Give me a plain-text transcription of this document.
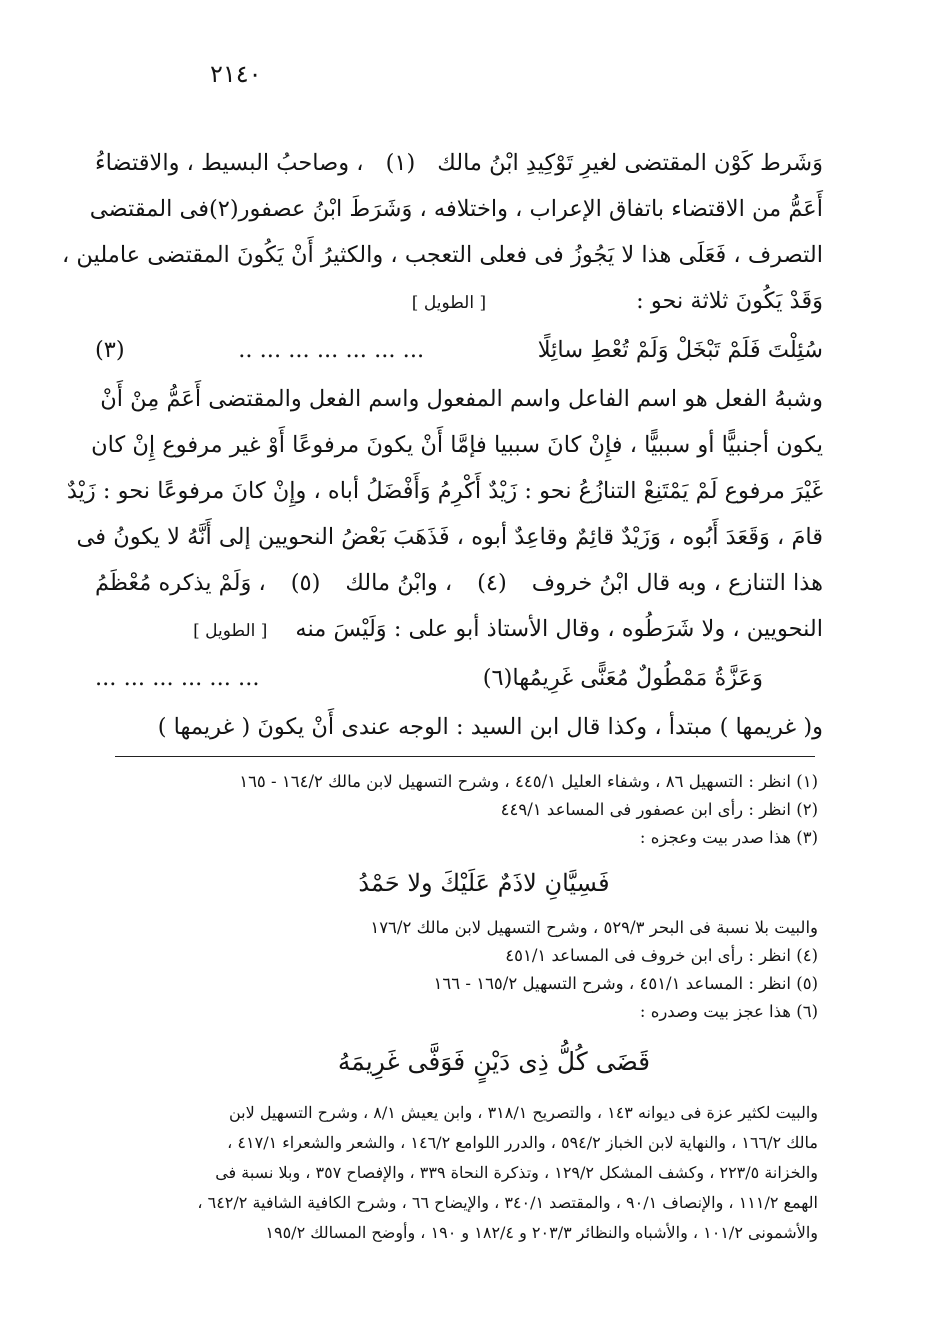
٢١٤٠
وَشَرط كَوْن المقتضى لغيرِ تَوْكِيدِ ابْنُ مالك
(١)
، وصاحبُ البسيط ، والاقتضاءُ
أَعَمُّ من الاقتضاء باتفاق الإعراب ، واختلافه ، وَشَرَطَ ابْنُ عصفور
(٢)
فى المقتضى
التصرف ، فَعَلَى هذا لا يَجُوزُ فى فعلى التعجب ، والكثيرُ أَنْ يَكُونَ المقتضى عاملين ،
وَقَدْ يَكُونَ ثلاثة نحو :
[ الطويل ]
سُئِلْتَ فَلَمْ تَبْخَلْ وَلَمْ تُعْطِ سائِلًا
... ... ... ... ... ... ..
(٣)
وشبهُ الفعل هو اسم الفاعل واسم المفعول واسم الفعل والمقتضى أَعَمُّ مِنْ أَنْ
يكون أجنبيًّا أو سببيًّا ، فإِنْ كانَ سببيا فإمَّا أَنْ يكونَ مرفوعًا أَوْ غير مرفوع إِنْ كان
غَيْرَ مرفوع لَمْ يَمْتَنِعْ التنازُعُ نحو : زَيْدٌ أَكْرِمُ وَأَفْضَلُ أباه ، وإِنْ كانَ مرفوعًا نحو : زَيْدٌ
قامَ ، وَقَعَدَ أَبُوه ، وَزَيْدٌ قائِمٌ وقاعِدٌ أبوه ، فَذَهَبَ بَعْضُ النحويين إلى أَنَّهُ لا يكونُ فى
هذا التنازع ، وبه قال ابْنُ خروف
(٤)
، وابْنُ مالك
(٥)
، وَلَمْ يذكره مُعْظَمُ
النحويين ، ولا شَرَطُوه ، وقال الأستاذ أبو على : وَلَيْسَ منه
[ الطويل ]
وَعَزَّةُ مَمْطُولٌ مُعَنًّى غَرِيمُها
(٦)
... ... ... ... ... ...
و( غريمها ) مبتدأ ، وكذا قال ابن السيد : الوجه عندى أَنْ يكونَ ( غريمها )
(١) انظر : التسهيل ٨٦ ، وشفاء العليل ٤٤٥/١ ، وشرح التسهيل لابن مالك ١٦٤/٢ - ١٦٥
(٢) انظر : رأى ابن عصفور فى المساعد ٤٤٩/١
(٣) هذا صدر بيت وعجزه :
فَسِيَّانِ لاذَمٌ عَلَيْكَ ولا حَمْدُ
والبيت بلا نسبة فى البحر ٥٢٩/٣ ، وشرح التسهيل لابن مالك ١٧٦/٢
(٤) انظر : رأى ابن خروف فى المساعد ٤٥١/١
(٥) انظر : المساعد ٤٥١/١ ، وشرح التسهيل ١٦٥/٢ - ١٦٦
(٦) هذا عجز بيت وصدره :
قَضَى كُلُّ ذِى دَيْنٍ فَوَفَّى غَرِيمَهُ
والبيت لكثير عزة فى ديوانه ١٤٣ ، والتصريح ٣١٨/١ ، وابن يعيش ٨/١ ، وشرح التسهيل لابن
مالك ١٦٦/٢ ، والنهاية لابن الخباز ٥٩٤/٢ ، والدرر اللوامع ١٤٦/٢ ، والشعر والشعراء ٤١٧/١ ،
والخزانة ٢٢٣/٥ ، وكشف المشكل ١٢٩/٢ ، وتذكرة النحاة ٣٣٩ ، والإفصاح ٣٥٧ ، وبلا نسبة فى
الهمع ١١١/٢ ، والإنصاف ٩٠/١ ، والمقتصد ٣٤٠/١ ، والإيضاح ٦٦ ، وشرح الكافية الشافية ٦٤٢/٢ ،
والأشمونى ١٠١/٢ ، والأشباه والنظائر ٢٠٣/٣ و ١٨٢/٤ و ١٩٠ ، وأوضح المسالك ١٩٥/٢
